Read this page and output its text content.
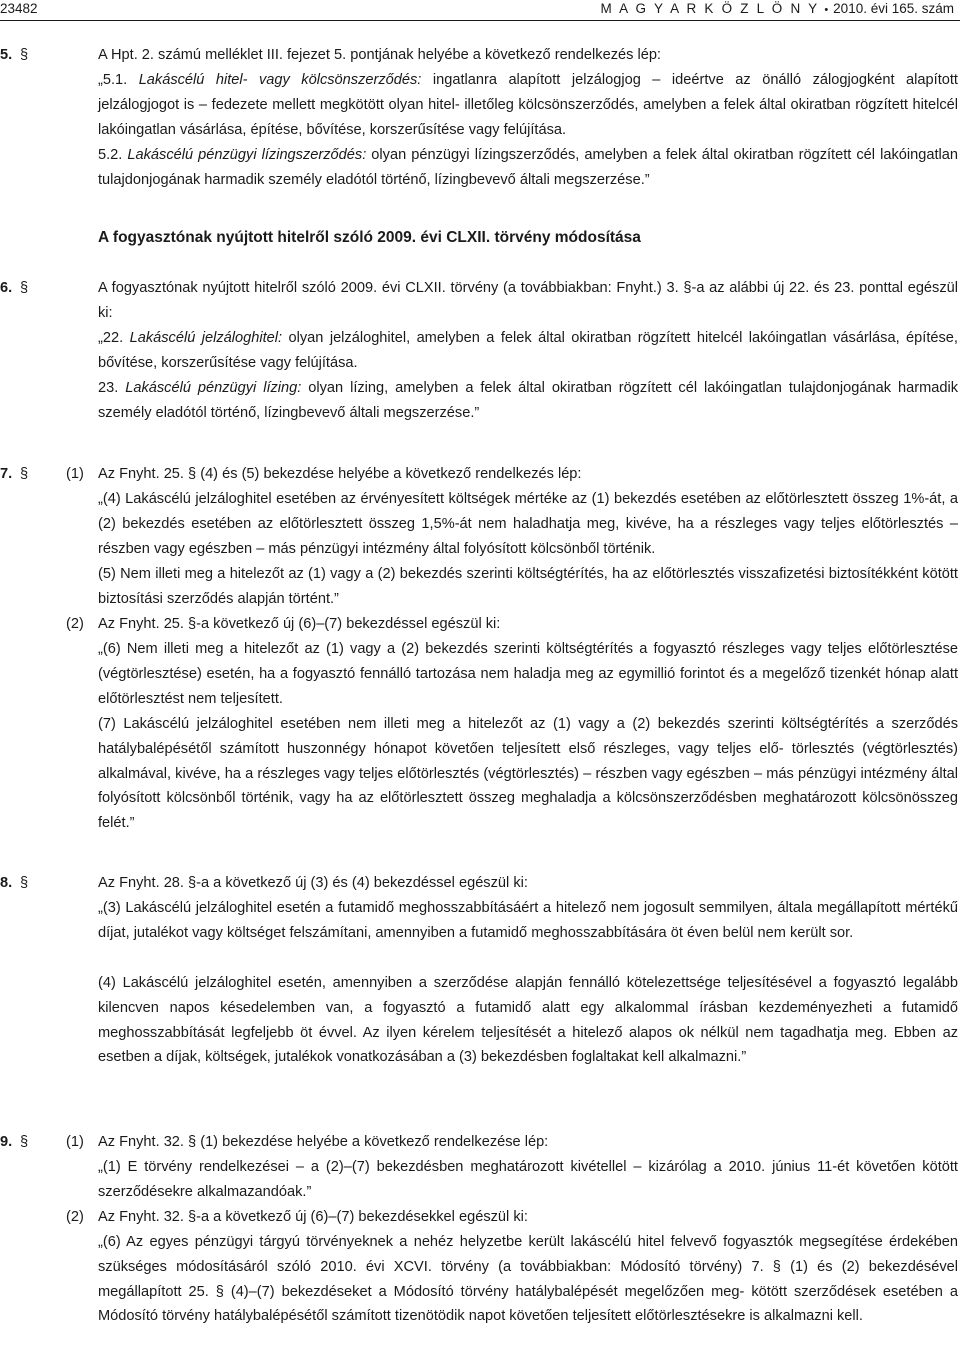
23482	M A G Y A R K Ö Z L Ö N Y • 2010. évi 165. szám
5. §	A Hpt. 2. számú melléklet III. fejezet 5. pontjának helyébe a következő rendelkezés lép:
„5.1. Lakáscélú hitel- vagy kölcsönszerződés: ingatlanra alapított jelzálogjog – ideértve az önálló zálogjogként alapított

jelzálogjogot is – fedezete mellett megkötött olyan hitel- illetőleg kölcsönszerződés, amelyben a felek által okiratban rögzített hitelcél lakóingatlan vásárlása, építése, bővítése, korszerűsítése vagy felújítása.

5.2. Lakáscélú pénzügyi lízingszerződés: olyan pénzügyi lízingszerződés, amelyben a felek által okiratban rögzített cél lakóingatlan tulajdonjogának harmadik személy eladótól történő, lízingbevevő általi megszerzése.”

A fogyasztónak nyújtott hitelről szóló 2009. évi CLXII. törvény módosítása
6. §	A fogyasztónak nyújtott hitelről szóló 2009. évi CLXII. törvény (a továbbiakban: Fnyht.) 3. §-a az alábbi új 22. és 23. ponttal egészül ki:

„22. Lakáscélú jelzáloghitel: olyan jelzáloghitel, amelyben a felek által okiratban rögzített hitelcél lakóingatlan vásárlása, építése, bővítése, korszerűsítése vagy felújítása.

23. Lakáscélú pénzügyi lízing: olyan lízing, amelyben a felek által okiratban rögzített cél lakóingatlan tulajdonjogának harmadik személy eladótól történő, lízingbevevő általi megszerzése.”

7. §	(1) Az Fnyht. 25. § (4) és (5) bekezdése helyébe a következő rendelkezés lép:

„(4) Lakáscélú jelzáloghitel esetében az érvényesített költségek mértéke az (1) bekezdés esetében az előtörlesztett összeg 1%-át, a (2) bekezdés esetében az előtörlesztett összeg 1,5%-át nem haladhatja meg, kivéve, ha a részleges vagy teljes előtörlesztés – részben vagy egészben – más pénzügyi intézmény által folyósított kölcsönből történik.

(5) Nem illeti meg a hitelezőt az (1) vagy a (2) bekezdés szerinti költségtérítés, ha az előtörlesztés visszafizetési biztosítékként kötött biztosítási szerződés alapján történt.”

(2) Az Fnyht. 25. §-a következő új (6)–(7) bekezdéssel egészül ki:

„(6) Nem illeti meg a hitelezőt az (1) vagy a (2) bekezdés szerinti költségtérítés a fogyasztó részleges vagy teljes előtörlesztése (végtörlesztése) esetén, ha a fogyasztó fennálló tartozása nem haladja meg az egymillió forintot és a megelőző tizenkét hónap alatt előtörlesztést nem teljesített.

(7) Lakáscélú jelzáloghitel esetében nem illeti meg a hitelezőt az (1) vagy a (2) bekezdés szerinti költségtérítés a szerződés hatálybalépésétől számított huszonnégy hónapot követően teljesített első részleges, vagy teljes elő- törlesztés (végtörlesztés) alkalmával, kivéve, ha a részleges vagy teljes előtörlesztés (végtörlesztés) – részben vagy egészben – más pénzügyi intézmény által folyósított kölcsönből történik, vagy ha az előtörlesztett összeg meghaladja a kölcsönszerződésben meghatározott kölcsönösszeg felét.”

8. §	Az Fnyht. 28. §-a a következő új (3) és (4) bekezdéssel egészül ki:

„(3) Lakáscélú jelzáloghitel esetén a futamidő meghosszabbításáért a hitelező nem jogosult semmilyen, általa megállapított mértékű díjat, jutalékot vagy költséget felszámítani, amennyiben a futamidő meghosszabbítására öt éven belül nem került sor.

(4) Lakáscélú jelzáloghitel esetén, amennyiben a szerződése alapján fennálló kötelezettsége teljesítésével a fogyasztó legalább kilencven napos késedelemben van, a fogyasztó a futamidő alatt egy alkalommal írásban kezdeményezheti a futamidő meghosszabbítását legfeljebb öt évvel. Az ilyen kérelem teljesítését a hitelező alapos ok nélkül nem tagadhatja meg. Ebben az esetben a díjak, költségek, jutalékok vonatkozásában a (3) bekezdésben foglaltakat kell alkalmazni.”

9. §	(1) Az Fnyht. 32. § (1) bekezdése helyébe a következő rendelkezése lép:

„(1) E törvény rendelkezései – a (2)–(7) bekezdésben meghatározott kivétellel – kizárólag a 2010. június 11-ét követően kötött szerződésekre alkalmazandóak.”

(2) Az Fnyht. 32. §-a a következő új (6)–(7) bekezdésekkel egészül ki:

„(6) Az egyes pénzügyi tárgyú törvényeknek a nehéz helyzetbe került lakáscélú hitel felvevő fogyasztók megsegítése érdekében szükséges módosításáról szóló 2010. évi XCVI. törvény (a továbbiakban: Módosító törvény) 7. § (1) és (2) bekezdésével megállapított 25. § (4)–(7) bekezdéseket a Módosító törvény hatálybalépését megelőzően meg- kötött szerződések esetében a Módosító törvény hatálybalépésétől számított tizenötödik napot követően teljesített előtörlesztésekre is alkalmazni kell.
